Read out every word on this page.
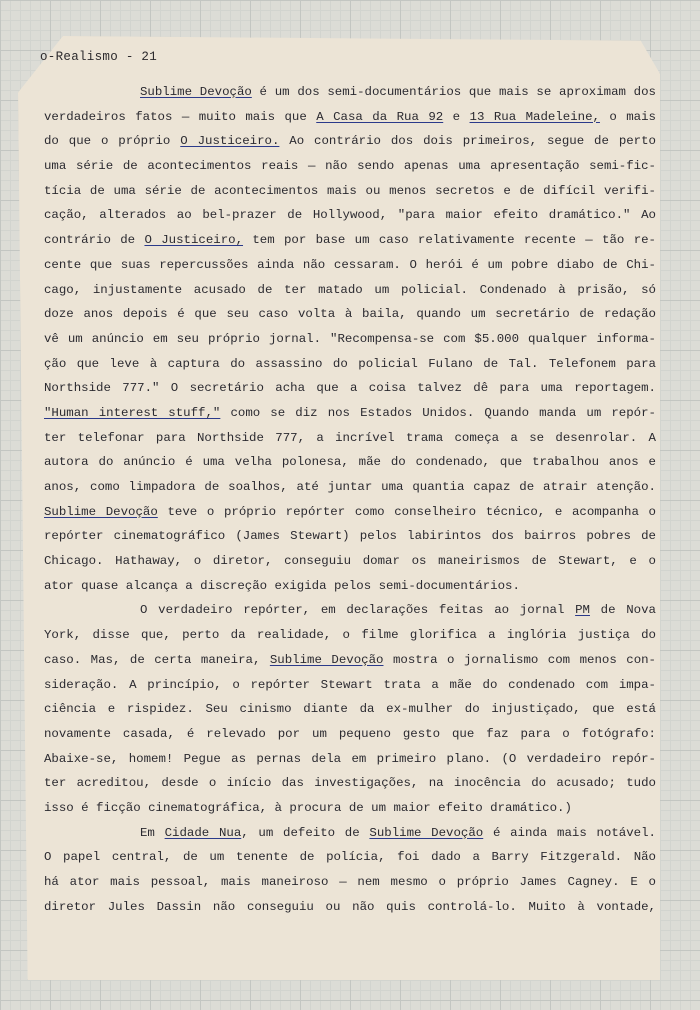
o-Realismo - 21
Sublime Devoção é um dos semi-documentários que mais se aproximam dos
verdadeiros fatos — muito mais que A Casa da Rua 92 e 13 Rua Madeleine, o mais
do que o próprio O Justiceiro. Ao contrário dos dois primeiros, segue de perto
uma série de acontecimentos reais — não sendo apenas uma apresentação semi-fic-
tícia de uma série de acontecimentos mais ou menos secretos e de difícil verifi-
cação, alterados ao bel-prazer de Hollywood, "para maior efeito dramático." Ao
contrário de O Justiceiro, tem por base um caso relativamente recente — tão re-
cente que suas repercussões ainda não cessaram. O herói é um pobre diabo de Chi-
cago, injustamente acusado de ter matado um policial. Condenado à prisão, só
doze anos depois é que seu caso volta à baila, quando um secretário de redação
vê um anúncio em seu próprio jornal. "Recompensa-se com $5.000 qualquer informa-
ção que leve à captura do assassino do policial Fulano de Tal. Telefonem para
Northside 777." O secretário acha que a coisa talvez dê para uma reportagem.
"Human interest stuff," como se diz nos Estados Unidos. Quando manda um repór-
ter telefonar para Northside 777, a incrível trama começa a se desenrolar. A
autora do anúncio é uma velha polonesa, mãe do condenado, que trabalhou anos e
anos, como limpadora de soalhos, até juntar uma quantia capaz de atrair atenção.
Sublime Devoção teve o próprio repórter como conselheiro técnico, e acompanha o
repórter cinematográfico (James Stewart) pelos labirintos dos bairros pobres de
Chicago. Hathaway, o diretor, conseguiu domar os maneirismos de Stewart, e o
ator quase alcança a discreção exigida pelos semi-documentários.
O verdadeiro repórter, em declarações feitas ao jornal PM de Nova
York, disse que, perto da realidade, o filme glorifica a inglória justiça do
caso. Mas, de certa maneira, Sublime Devoção mostra o jornalismo com menos con-
sideração. A princípio, o repórter Stewart trata a mãe do condenado com impa-
ciência e rispidez. Seu cinismo diante da ex-mulher do injustiçado, que está
novamente casada, é relevado por um pequeno gesto que faz para o fotógrafo:
Abaixe-se, homem! Pegue as pernas dela em primeiro plano. (O verdadeiro repór-
ter acreditou, desde o início das investigações, na inocência do acusado; tudo
isso é ficção cinematográfica, à procura de um maior efeito dramático.)
Em Cidade Nua, um defeito de Sublime Devoção é ainda mais notável.
O papel central, de um tenente de polícia, foi dado a Barry Fitzgerald. Não
há ator mais pessoal, mais maneiroso — nem mesmo o próprio James Cagney. E o
diretor Jules Dassin não conseguiu ou não quis controlá-lo. Muito à vontade,
